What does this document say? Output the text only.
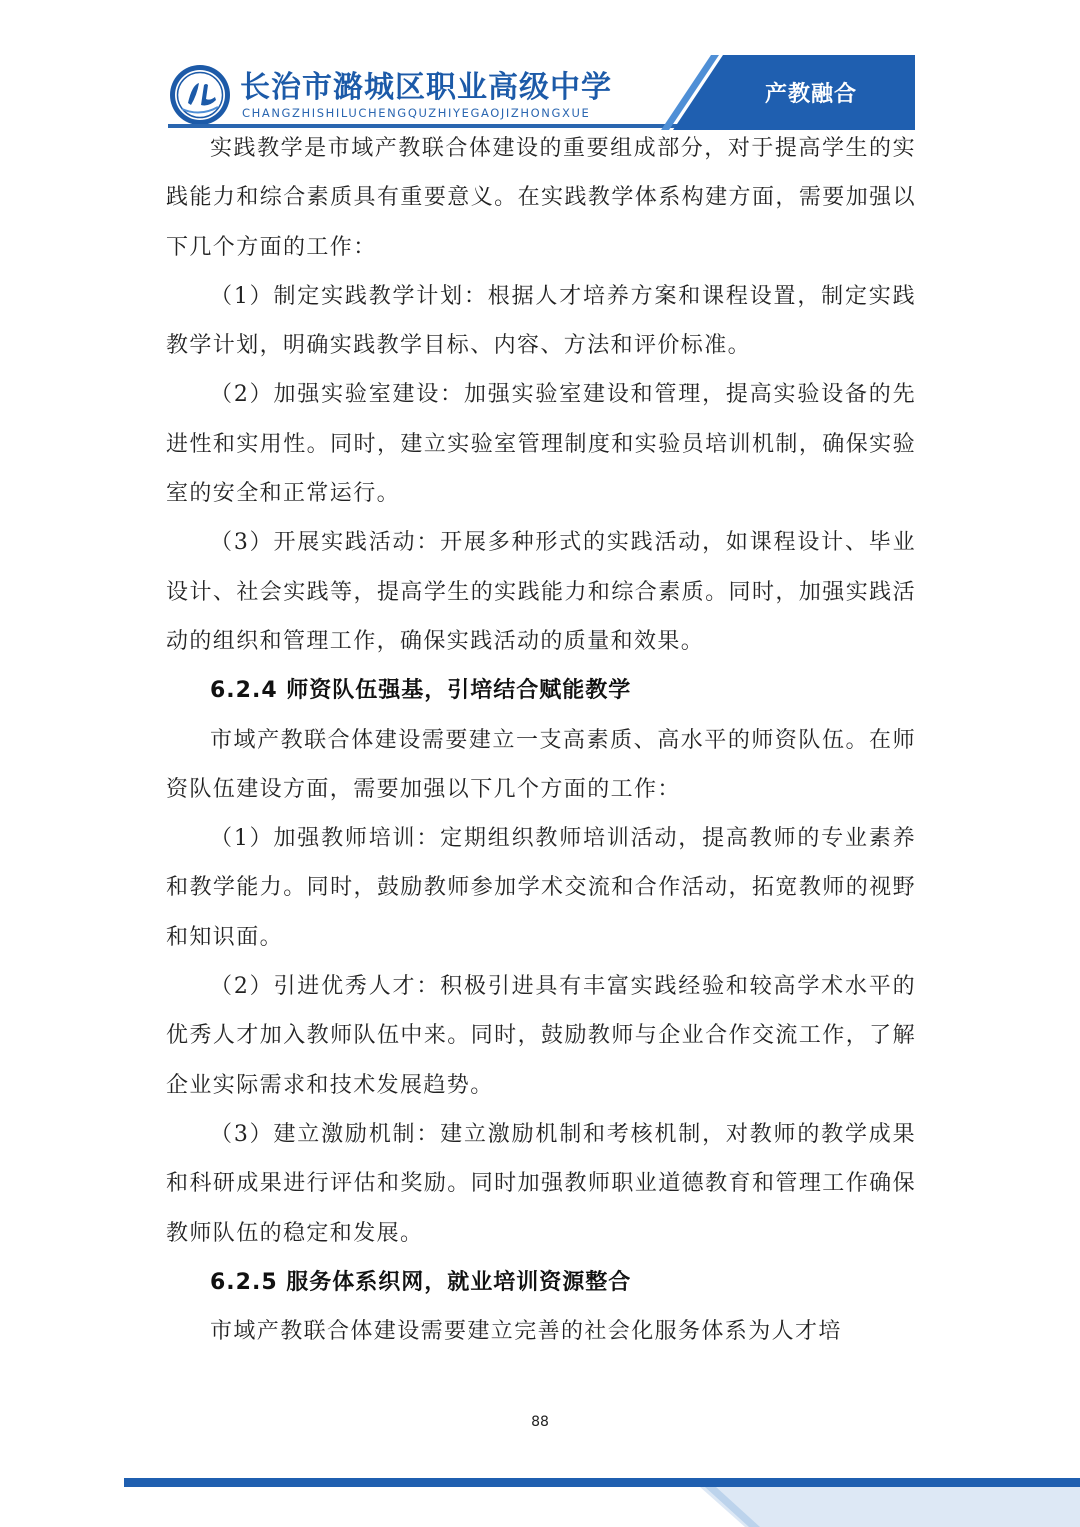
长治市潞城区职业高级中学
CHANGZHISHILUCHENGQUZHIYEGAOJIZHONGXUE
产教融合

实践教学是市域产教联合体建设的重要组成部分，对于提高学生的实践能力和综合素质具有重要意义。在实践教学体系构建方面，需要加强以下几个方面的工作：

（1）制定实践教学计划：根据人才培养方案和课程设置，制定实践教学计划，明确实践教学目标、内容、方法和评价标准。

（2）加强实验室建设：加强实验室建设和管理，提高实验设备的先进性和实用性。同时，建立实验室管理制度和实验员培训机制，确保实验室的安全和正常运行。

（3）开展实践活动：开展多种形式的实践活动，如课程设计、毕业设计、社会实践等，提高学生的实践能力和综合素质。同时，加强实践活动的组织和管理工作，确保实践活动的质量和效果。

6.2.4 师资队伍强基，引培结合赋能教学

市域产教联合体建设需要建立一支高素质、高水平的师资队伍。在师资队伍建设方面，需要加强以下几个方面的工作：

（1）加强教师培训：定期组织教师培训活动，提高教师的专业素养和教学能力。同时，鼓励教师参加学术交流和合作活动，拓宽教师的视野和知识面。

（2）引进优秀人才：积极引进具有丰富实践经验和较高学术水平的优秀人才加入教师队伍中来。同时，鼓励教师与企业合作交流工作，了解企业实际需求和技术发展趋势。

（3）建立激励机制：建立激励机制和考核机制，对教师的教学成果和科研成果进行评估和奖励。同时加强教师职业道德教育和管理工作确保教师队伍的稳定和发展。

6.2.5 服务体系织网，就业培训资源整合

市域产教联合体建设需要建立完善的社会化服务体系为人才培

88
